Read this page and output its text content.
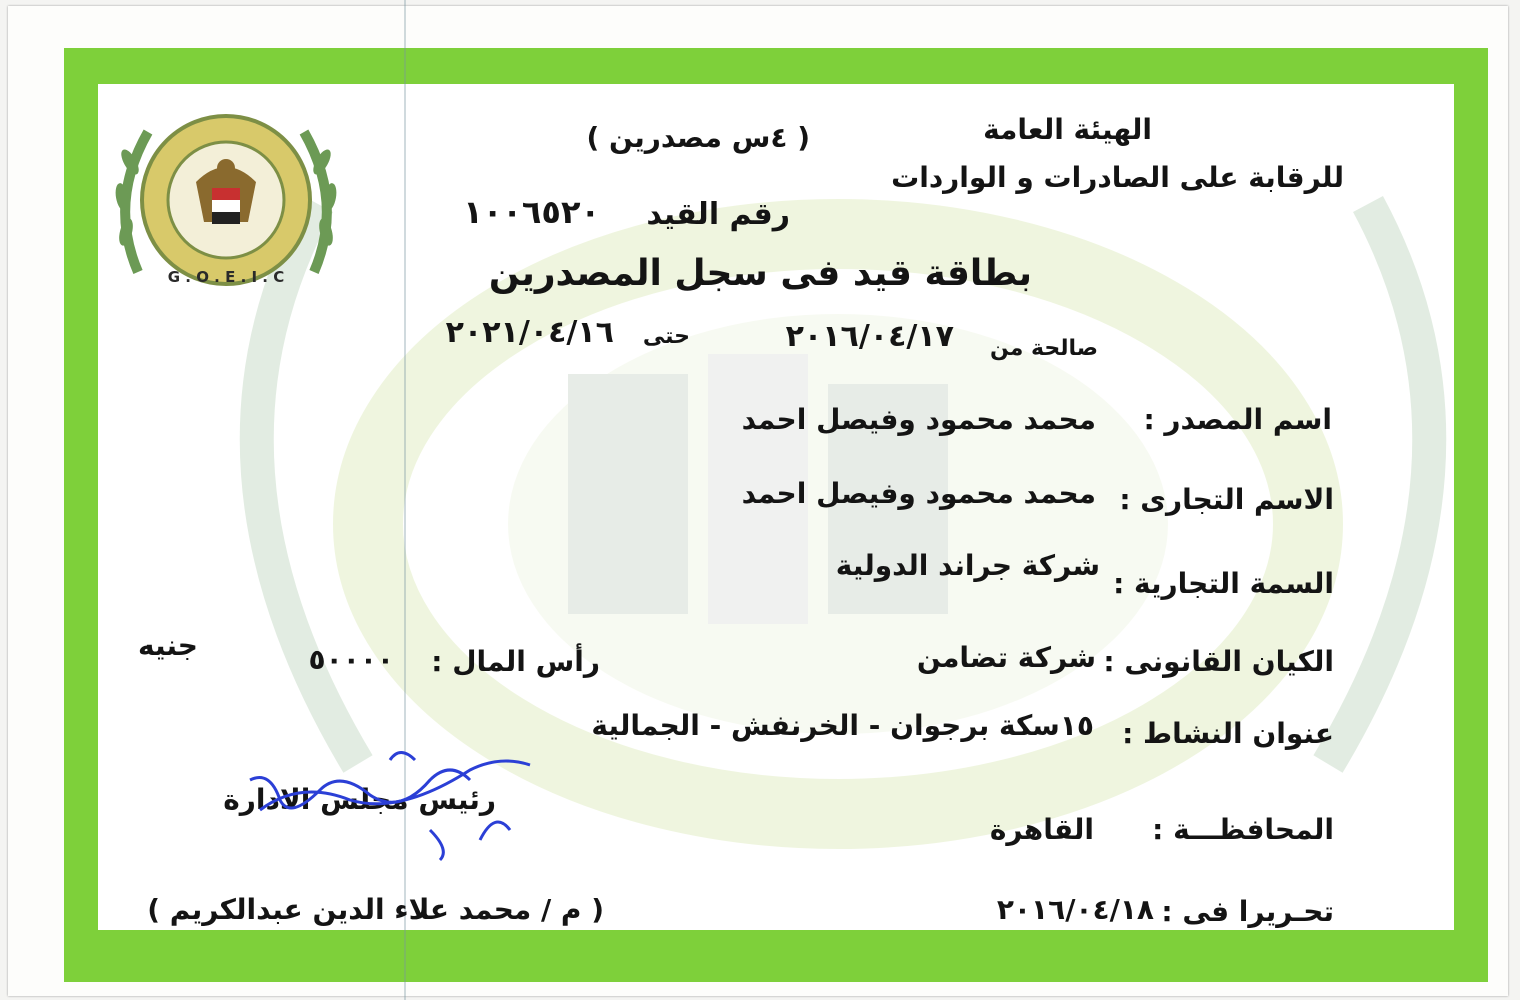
G . O . E . I . C
الهيئة العامة
للرقابة على الصادرات و الواردات
( ٤س مصدرين )
رقم القيد
١٠٠٦٥٢٠
بطاقة قيد فى سجل المصدرين
صالحة من
٢٠١٦/٠٤/١٧
حتى
٢٠٢١/٠٤/١٦
اسم المصدر :
محمد محمود وفيصل احمد
الاسم التجارى :
محمد محمود وفيصل احمد
السمة التجارية :
شركة جراند الدولية
الكيان القانونى :
شركة تضامن
رأس المال :
٥٠٠٠٠
جنيه
عنوان النشاط :
١٥سكة برجوان - الخرنفش - الجمالية
المحافظـــة :
القاهرة
تحـريرا فى :
٢٠١٦/٠٤/١٨
رئيس مجلس الادارة
( م / محمد علاء الدين عبدالكريم )
